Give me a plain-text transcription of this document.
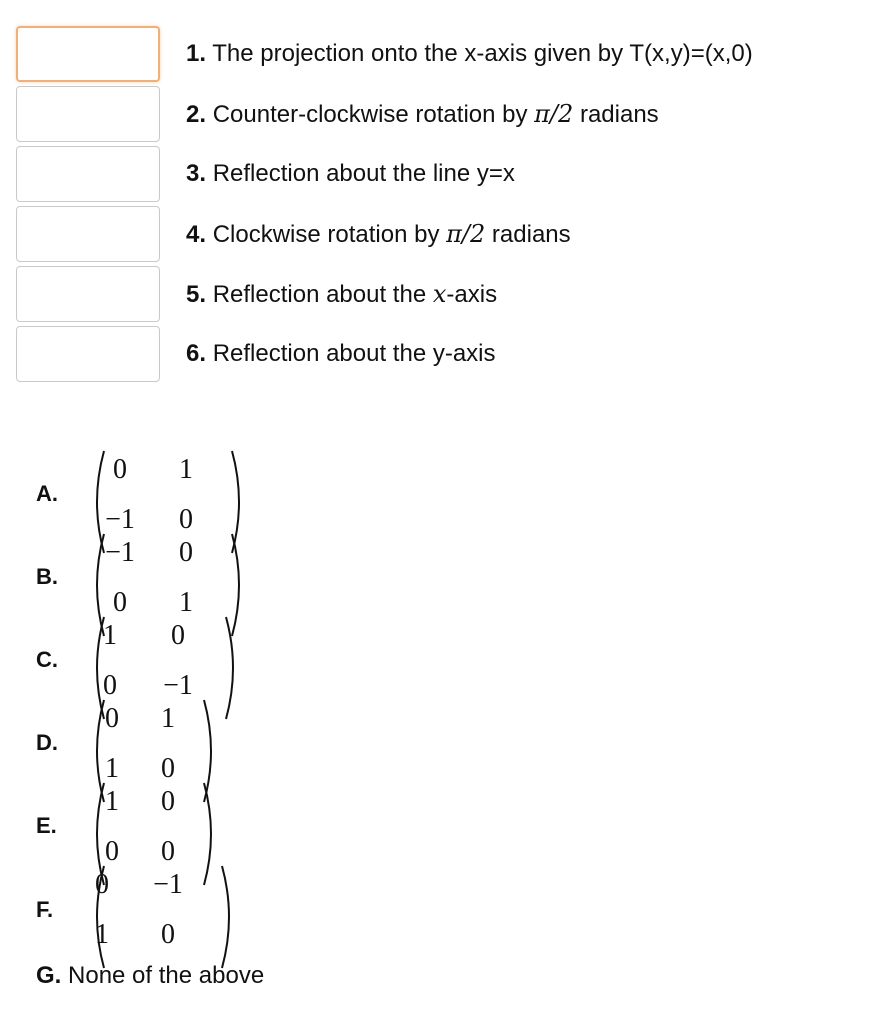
1. The projection onto the x-axis given by T(x,y)=(x,0)
2. Counter-clockwise rotation by π/2 radians
3. Reflection about the line y=x
4. Clockwise rotation by π/2 radians
5. Reflection about the x-axis
6. Reflection about the y-axis
A.
0	1
−1	0
B.
−1	0
0	1
C.
1	0
0	−1
D.
0	1
1	0
E.
1	0
0	0
F.
0	−1
1	0
G. None of the above
